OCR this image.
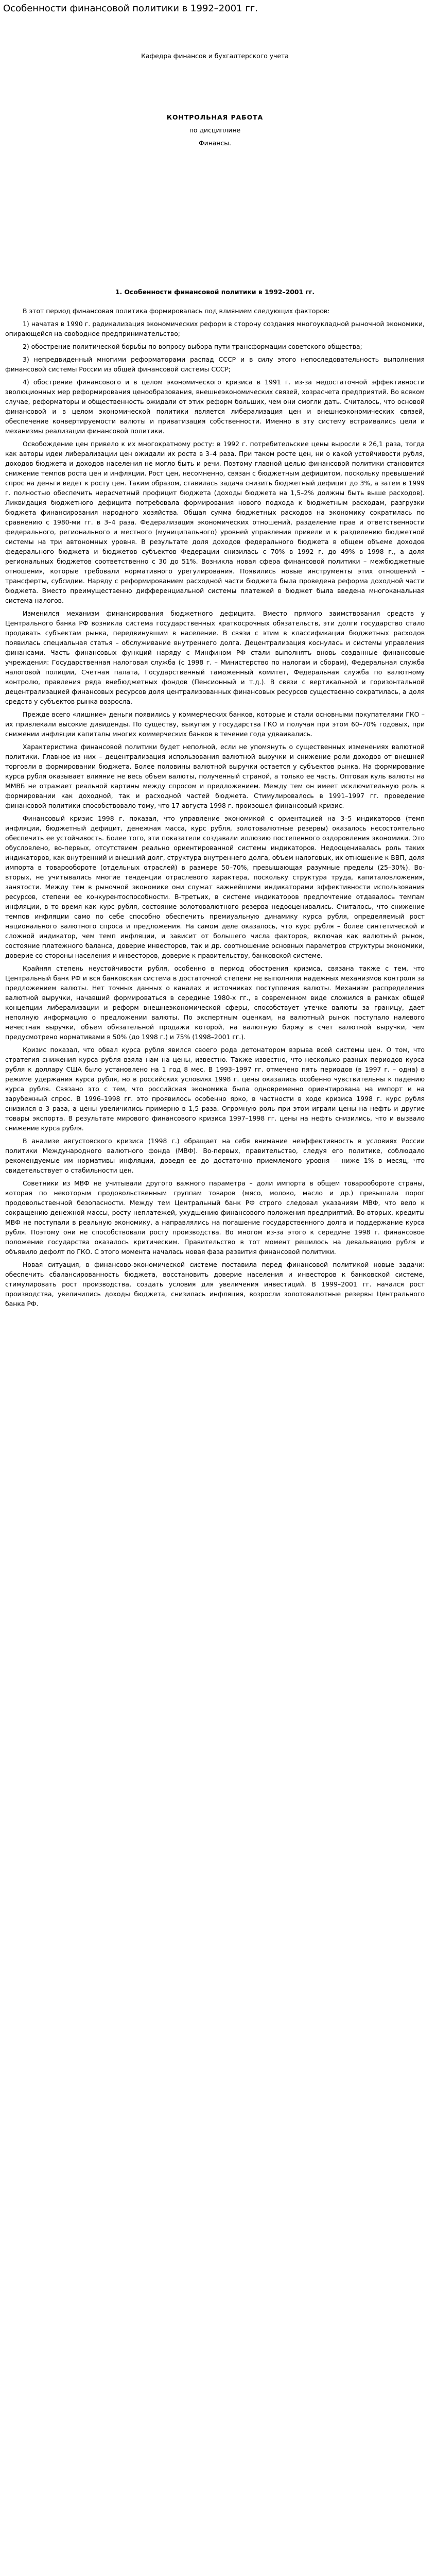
Особенности финансовой политики в 1992–2001 гг.
Кафедра финансов и бухгалтерского учета
КОНТРОЛЬНАЯ РАБОТА
по дисциплине
Финансы.
1. Особенности финансовой политики в 1992–2001 гг.

В этот период финансовая политика формировалась под влиянием следующих факторов:

1) начатая в 1990 г. радикализация экономических реформ в сторону создания многоукладной рыночной экономики, опирающейся на свободное предпринимательство;

2) обострение политической борьбы по вопросу выбора пути трансформации советского общества;

3) непредвиденный многими реформаторами распад СССР и в силу этого непоследовательность выполнения финансовой системы России из общей финансовой системы СССР;

4) обострение финансового и в целом экономического кризиса в 1991 г. из-за недостаточной эффективности эволюционных мер реформирования ценообразования, внешнеэкономических связей, хозрасчета предприятий. Во всяком случае, реформаторы и общественность ожидали от этих реформ больших, чем они смогли дать. Считалось, что основой финансовой и в целом экономической политики является либерализация цен и внешнеэкономических связей, обеспечение конвертируемости валюты и приватизация собственности. Именно в эту систему встраивались цели и механизмы реализации финансовой политики.

Освобождение цен привело к их многократному росту: в 1992 г. потребительские цены выросли в 26,1 раза, тогда как авторы идеи либерализации цен ожидали их роста в 3–4 раза. При таком росте цен, ни о какой устойчивости рубля, доходов бюджета и доходов населения не могло быть и речи. Поэтому главной целью финансовой политики становится снижение темпов роста цен и инфляции. Рост цен, несомненно, связан с бюджетным дефицитом, поскольку превышений спрос на деньги ведет к росту цен. Таким образом, ставилась задача снизить бюджетный дефицит до 3%, а затем в 1999 г. полностью обеспечить нерасчетный профицит бюджета (доходы бюджета на 1,5–2% должны быть выше расходов). Ликвидация бюджетного дефицита потребовала формирования нового подхода к бюджетным расходам, разгрузки бюджета финансирования народного хозяйства. Общая сумма бюджетных расходов на экономику сократилась по сравнению с 1980-ми гг. в 3–4 раза. Федерализация экономических отношений, разделение прав и ответственности федерального, регионального и местного (муниципального) уровней управления привели и к разделению бюджетной системы на три автономных уровня. В результате доля доходов федерального бюджета в общем объеме доходов федерального бюджета и бюджетов субъектов Федерации снизилась с 70% в 1992 г. до 49% в 1998 г., а доля региональных бюджетов соответственно с 30 до 51%. Возникла новая сфера финансовой политики – межбюджетные отношения, которые требовали нормативного урегулирования. Появились новые инструменты этих отношений – трансферты, субсидии. Наряду с реформированием расходной части бюджета была проведена реформа доходной части бюджета. Вместо преимущественно дифференциальной системы платежей в бюджет была введена многоканальная система налогов.

Изменился механизм финансирования бюджетного дефицита. Вместо прямого заимствования средств у Центрального банка РФ возникла система государственных краткосрочных обязательств, эти долги государство стало продавать субъектам рынка, передвинувшим в население. В связи с этим в классификации бюджетных расходов появилась специальная статья – обслуживание внутреннего долга. Децентрализация коснулась и системы управления финансами. Часть финансовых функций наряду с Минфином РФ стали выполнять вновь созданные финансовые учреждения: Государственная налоговая служба (с 1998 г. – Министерство по налогам и сборам), Федеральная служба налоговой полиции, Счетная палата, Государственный таможенный комитет, Федеральная служба по валютному контролю, правления ряда внебюджетных фондов (Пенсионный и т.д.). В связи с вертикальной и горизонтальной децентрализацией финансовых ресурсов доля централизованных финансовых ресурсов существенно сократилась, а доля средств у субъектов рынка возросла.

Прежде всего «лишние» деньги появились у коммерческих банков, которые и стали основными покупателями ГКО – их привлекали высокие дивиденды. По существу, выкупая у государства ГКО и получая при этом 60–70% годовых, при снижении инфляции капиталы многих коммерческих банков в течение года удваивались.

Характеристика финансовой политики будет неполной, если не упомянуть о существенных изменениях валютной политики. Главное из них – децентрализация использования валютной выручки и снижение роли доходов от внешней торговли в формировании бюджета. Более половины валютной выручки остается у субъектов рынка. На формирование курса рубля оказывает влияние не весь объем валюты, полученный страной, а только ее часть. Оптовая куль валюты на ММВБ не отражает реальной картины между спросом и предложением. Между тем он имеет исключительную роль в формировании как доходной, так и расходной частей бюджета. Стимулировалось в 1991–1997 гг. проведение финансовой политики способствовало тому, что 17 августа 1998 г. произошел финансовый кризис.

Финансовый кризис 1998 г. показал, что управление экономикой с ориентацией на 3–5 индикаторов (темп инфляции, бюджетный дефицит, денежная масса, курс рубля, золотовалютные резервы) оказалось несостоятельно обеспечить ее устойчивость. Более того, эти показатели создавали иллюзию постепенного оздоровления экономики. Это обусловлено, во-первых, отсутствием реально ориентированной системы индикаторов. Недооценивалась роль таких индикаторов, как внутренний и внешний долг, структура внутреннего долга, объем налоговых, их отношение к ВВП, доля импорта в товарообороте (отдельных отраслей) в размере 50–70%, превышающая разумные пределы (25–30%). Во-вторых, не учитывались многие тенденции отраслевого характера, поскольку структура труда, капиталовложения, занятости. Между тем в рыночной экономике они служат важнейшими индикаторами эффективности использования ресурсов, степени ее конкурентоспособности. В-третьих, в системе индикаторов предпочтение отдавалось темпам инфляции, в то время как курс рубля, состояние золотовалютного резерва недооценивались. Считалось, что снижение темпов инфляции само по себе способно обеспечить премиуальную динамику курса рубля, определяемый рост национального валютного спроса и предложения. На самом деле оказалось, что курс рубля – более синтетической и сложной индикатор, чем темп инфляции, и зависит от большего числа факторов, включая как валютный рынок, состояние платежного баланса, доверие инвесторов, так и др. соотношение основных параметров структуры экономики, доверие со стороны населения и инвесторов, доверие к правительству, банковской системе.

Крайняя степень неустойчивости рубля, особенно в период обострения кризиса, связана также с тем, что Центральный банк РФ и вся банковская система в достаточной степени не выполняли надежных механизмов контроля за предложением валюты. Нет точных данных о каналах и источниках поступления валюты. Механизм распределения валютной выручки, начавший формироваться в середине 1980-х гг., в современном виде сложился в рамках общей концепции либерализации и реформ внешнеэкономической сферы, способствует утечке валюты за границу, дает неполную информацию о предложении валюты. По экспертным оценкам, на валютный рынок поступало налевого нечестная выручки, объем обязательной продажи которой, на валютную биржу в счет валютной выручки, чем предусмотрено нормативами в 50% (до 1998 г.) и 75% (1998–2001 гг.).

Кризис показал, что обвал курса рубля явился своего рода детонатором взрыва всей системы цен. О том, что стратегия снижения курса рубля взяла нам на цены, известно. Также известно, что несколько разных периодов курса рубля к доллару США было установлено на 1 год 8 мес. В 1993–1997 гг. отмечено пять периодов (в 1997 г. – одна) в режиме удержания курса рубля, но в российских условиях 1998 г. цены оказались особенно чувствительны к падению курса рубля. Связано это с тем, что российская экономика была одновременно ориентирована на импорт и на зарубежный спрос. В 1996–1998 гг. это проявилось особенно ярко, в частности в ходе кризиса 1998 г. курс рубля снизился в 3 раза, а цены увеличились примерно в 1,5 раза. Огромную роль при этом играли цены на нефть и другие товары экспорта. В результате мирового финансового кризиса 1997–1998 гг. цены на нефть снизились, что и вызвало снижение курса рубля.

В анализе августовского кризиса (1998 г.) обращает на себя внимание неэффективность в условиях России политики Международного валютного фонда (МВФ). Во-первых, правительство, следуя его политике, соблюдало рекомендуемые им нормативы инфляции, доведя ее до достаточно приемлемого уровня – ниже 1% в месяц, что свидетельствует о стабильности цен.

Советники из МВФ не учитывали другого важного параметра – доли импорта в общем товарообороте страны, которая по некоторым продовольственным группам товаров (мясо, молоко, масло и др.) превышала порог продовольственной безопасности. Между тем Центральный банк РФ строго следовал указаниям МВФ, что вело к сокращению денежной массы, росту неплатежей, ухудшению финансового положения предприятий. Во-вторых, кредиты МВФ не поступали в реальную экономику, а направлялись на погашение государственного долга и поддержание курса рубля. Поэтому они не способствовали росту производства. Во многом из-за этого к середине 1998 г. финансовое положение государства оказалось критическим. Правительство в тот момент решилось на девальвацию рубля и объявило дефолт по ГКО. С этого момента началась новая фаза развития финансовой политики.

Новая ситуация, в финансово-экономической системе поставила перед финансовой политикой новые задачи: обеспечить сбалансированность бюджета, восстановить доверие населения и инвесторов к банковской системе, стимулировать рост производства, создать условия для увеличения инвестиций. В 1999–2001 гг. начался рост производства, увеличились доходы бюджета, снизилась инфляция, возросли золотовалютные резервы Центрального банка РФ.
